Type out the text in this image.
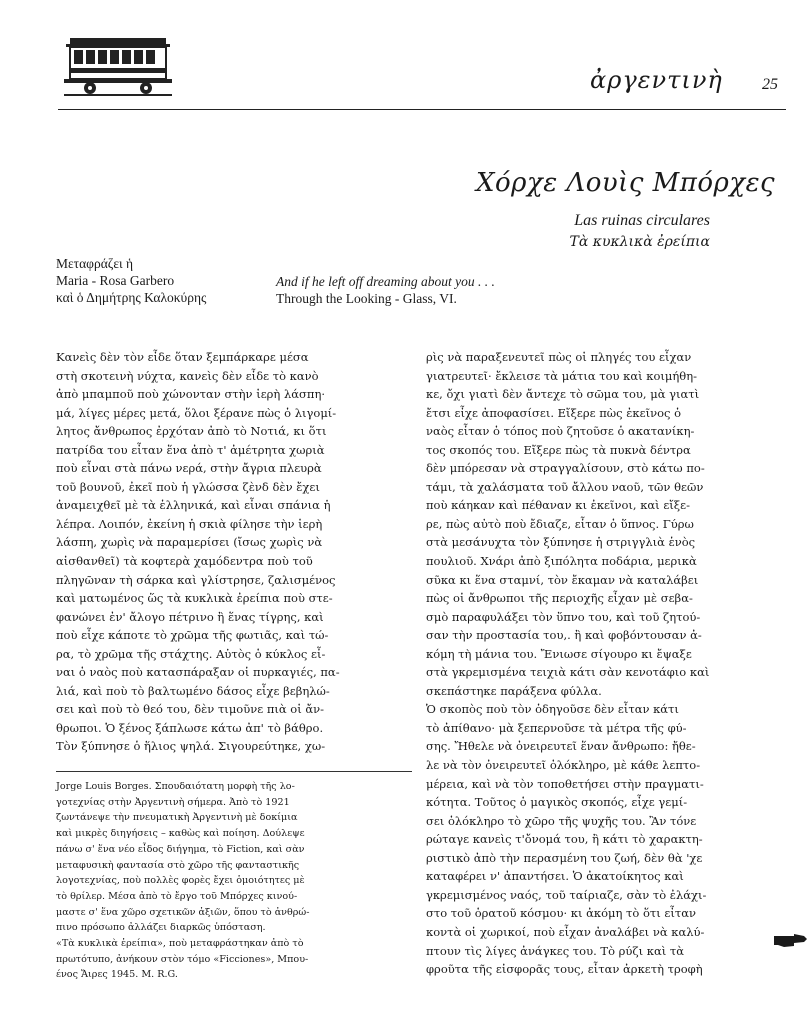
ἀργεντινὴ 25
Χόρχε Λουὶς Μπόρχες
Las ruinas circulares
Τὰ κυκλικὰ ἐρείπια
Μεταφράζει ἡ
Maria - Rosa Garbero
καὶ ὁ Δημήτρης Καλοκύρης
And if he left off dreaming about you . . .
Through the Looking - Glass, VI.
Κανεὶς δὲν τὸν εἶδε ὅταν ξεμπάρκαρε μέσα
στὴ σκοτεινὴ νύχτα, κανεὶς δὲν εἶδε τὸ κανὸ
ἀπὸ μπαμποῦ ποὺ χώνονταν στὴν ἱερὴ λάσπη·
μά, λίγες μέρες μετά, ὅλοι ξέρανε πὼς ὁ λιγομί-
λητος ἄνθρωπος ἐρχόταν ἀπὸ τὸ Νοτιά, κι ὅτι
πατρίδα του εἶταν ἕνα ἀπὸ τ' ἀμέτρητα χωριὰ
ποὺ εἶναι στὰ πάνω νερά, στὴν ἄγρια πλευρὰ
τοῦ βουνοῦ, ἐκεῖ ποὺ ἡ γλώσσα ζὲνδ δὲν ἔχει
ἀναμειχθεῖ μὲ τὰ ἑλληνικά, καὶ εἶναι σπάνια ἡ
λέπρα. Λοιπόν, ἐκείνη ἡ σκιὰ φίλησε τὴν ἱερὴ
λάσπη, χωρὶς νὰ παραμερίσει (ἴσως χωρὶς νὰ
αἰσθανθεῖ) τὰ κοφτερὰ χαμόδεντρα ποὺ τοῦ
πληγῶναν τὴ σάρκα καὶ γλίστρησε, ζαλισμένος
καὶ ματωμένος ὥς τὰ κυκλικὰ ἐρείπια ποὺ στε-
φανώνει ἐν' ἄλογο πέτρινο ἢ ἕνας τίγρης, καὶ
ποὺ εἶχε κάποτε τὸ χρῶμα τῆς φωτιᾶς, καὶ τώ-
ρα, τὸ χρῶμα τῆς στάχτης. Αὐτὸς ὁ κύκλος εἶ-
ναι ὁ ναὸς ποὺ κατασπάραξαν οἱ πυρκαγιές, πα-
λιά, καὶ ποὺ τὸ βαλτωμένο δάσος εἶχε βεβηλώ-
σει καὶ ποὺ τὸ θεό του, δὲν τιμοῦνε πιὰ οἱ ἄν-
θρωποι. Ὁ ξένος ξάπλωσε κάτω ἀπ' τὸ βάθρο.
Τὸν ξύπνησε ὁ ἥλιος ψηλά. Σιγουρεύτηκε, χω-
Jorge Louis Borges. Σπουδαιότατη μορφὴ τῆς λο-
γοτεχνίας στὴν Ἀργεντινὴ σήμερα. Ἀπὸ τὸ 1921
ζωντάνεψε τὴν πνευματικὴ Ἀργεντινὴ μὲ δοκίμια
καὶ μικρὲς διηγήσεις – καθὼς καὶ ποίηση. Δούλεψε
πάνω σ' ἕνα νέο εἶδος διήγημα, τὸ Fiction, καὶ σὰν
μεταφυσικὴ φαντασία στὸ χῶρο τῆς φανταστικῆς
λογοτεχνίας, ποὺ πολλὲς φορὲς ἔχει ὁμοιότητες μὲ
τὸ θρίλερ. Μέσα ἀπὸ τὸ ἔργο τοῦ Μπόρχες κινού-
μαστε σ' ἕνα χῶρο σχετικῶν ἀξιῶν, ὅπου τὸ ἀνθρώ-
πινο πρόσωπο ἀλλάζει διαρκῶς ὑπόσταση.
«Τὰ κυκλικὰ ἐρείπια», ποὺ μεταφράστηκαν ἀπὸ τὸ
πρωτότυπο, ἀνήκουν στὸν τόμο «Ficciones», Μπου-
ένος Ἄιρες 1945. M. R.G.
ρὶς νὰ παραξενευτεῖ πὼς οἱ πληγές του εἶχαν
γιατρευτεῖ· ἔκλεισε τὰ μάτια του καὶ κοιμήθη-
κε, ὄχι γιατὶ δὲν ἄντεχε τὸ σῶμα του, μὰ γιατὶ
ἔτσι εἶχε ἀποφασίσει. Εἴξερε πὼς ἐκεῖνος ὁ
ναὸς εἶταν ὁ τόπος ποὺ ζητοῦσε ὁ ακατανίκη-
τος σκοπός του. Εἴξερε πὼς τὰ πυκνὰ δέντρα
δὲν μπόρεσαν νὰ στραγγαλίσουν, στὸ κάτω πο-
τάμι, τὰ χαλάσματα τοῦ ἄλλου ναοῦ, τῶν θεῶν
ποὺ κάηκαν καὶ πέθαναν κι ἐκεῖνοι, καὶ εἴξε-
ρε, πὼς αὐτὸ ποὺ ἔδιαζε, εἶταν ὁ ὕπνος. Γύρω
στὰ μεσάνυχτα τὸν ξύπνησε ἡ στριγγλιὰ ἑνὸς
πουλιοῦ. Χνάρι ἀπὸ ξιπόλητα ποδάρια, μερικὰ
σῦκα κι ἕνα σταμνί, τὸν ἔκαμαν νὰ καταλάβει
πὼς οἱ ἄνθρωποι τῆς περιοχῆς εἶχαν μὲ σεβα-
σμὸ παραφυλάξει τὸν ὕπνο του, καὶ τοῦ ζητού-
σαν τὴν προστασία του,. ἢ καὶ φοβόντουσαν ἀ-
κόμη τὴ μάνια του. Ἔνιωσε σίγουρο κι ἔψαξε
στὰ γκρεμισμένα τειχιὰ κάτι σὰν κενοτάφιο καὶ
σκεπάστηκε παράξενα φύλλα.
Ὁ σκοπὸς ποὺ τὸν ὁδηγοῦσε δὲν εἶταν κάτι
τὸ ἀπίθανο· μὰ ξεπερνοῦσε τὰ μέτρα τῆς φύ-
σης. Ἤθελε νὰ ὀνειρευτεῖ ἕναν ἄνθρωπο: ἤθε-
λε νὰ τὸν ὀνειρευτεῖ ὁλόκληρο, μὲ κάθε λεπτο-
μέρεια, καὶ νὰ τὸν τοποθετήσει στὴν πραγματι-
κότητα. Τοῦτος ὁ μαγικὸς σκοπός, εἶχε γεμί-
σει ὁλόκληρο τὸ χῶρο τῆς ψυχῆς του. Ἂν τόνε
ρώταγε κανεὶς τ'ὄνομά του, ἢ κάτι τὸ χαρακτη-
ριστικὸ ἀπὸ τὴν περασμένη του ζωή, δὲν θὰ 'χε
καταφέρει ν' ἀπαντήσει. Ὁ ἀκατοίκητος καὶ
γκρεμισμένος ναός, τοῦ ταίριαζε, σὰν τὸ ἐλάχι-
στο τοῦ ὁρατοῦ κόσμου· κι ἀκόμη τὸ ὅτι εἶταν
κοντὰ οἱ χωρικοί, ποὺ εἶχαν ἀναλάβει νὰ καλύ-
πτουν τὶς λίγες ἀνάγκες του. Τὸ ρύζι καὶ τὰ
φροῦτα τῆς εἰσφορᾶς τους, εἶταν ἀρκετὴ τροφὴ
